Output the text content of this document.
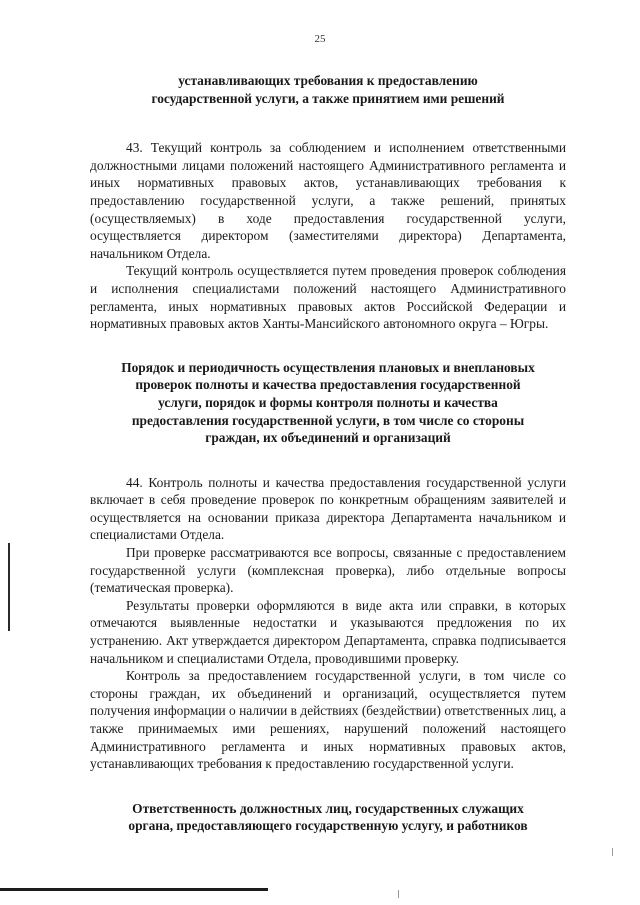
25
устанавливающих требования к предоставлению
государственной услуги, а также принятием ими решений

43. Текущий контроль за соблюдением и исполнением ответственными должностными лицами положений настоящего Административного регламента и иных нормативных правовых актов, устанавливающих требования к предоставлению государственной услуги, а также решений, принятых (осуществляемых) в ходе предоставления государственной услуги, осуществляется директором (заместителями директора) Департамента, начальником Отдела.

Текущий контроль осуществляется путем проведения проверок соблюдения и исполнения специалистами положений настоящего Административного регламента, иных нормативных правовых актов Российской Федерации и нормативных правовых актов Ханты-Мансийского автономного округа – Югры.

Порядок и периодичность осуществления плановых и внеплановых
проверок полноты и качества предоставления государственной
услуги, порядок и формы контроля полноты и качества
предоставления государственной услуги, в том числе со стороны
граждан, их объединений и организаций

44. Контроль полноты и качества предоставления государственной услуги включает в себя проведение проверок по конкретным обращениям заявителей и осуществляется на основании приказа директора Департамента начальником и специалистами Отдела.

При проверке рассматриваются все вопросы, связанные с предоставлением государственной услуги (комплексная проверка), либо отдельные вопросы (тематическая проверка).

Результаты проверки оформляются в виде акта или справки, в которых отмечаются выявленные недостатки и указываются предложения по их устранению. Акт утверждается директором Департамента, справка подписывается начальником и специалистами Отдела, проводившими проверку.

Контроль за предоставлением государственной услуги, в том числе со стороны граждан, их объединений и организаций, осуществляется путем получения информации о наличии в действиях (бездействии) ответственных лиц, а также принимаемых ими решениях, нарушений положений настоящего Административного регламента и иных нормативных правовых актов, устанавливающих требования к предоставлению государственной услуги.

Ответственность должностных лиц, государственных служащих
органа, предоставляющего государственную услугу, и работников
